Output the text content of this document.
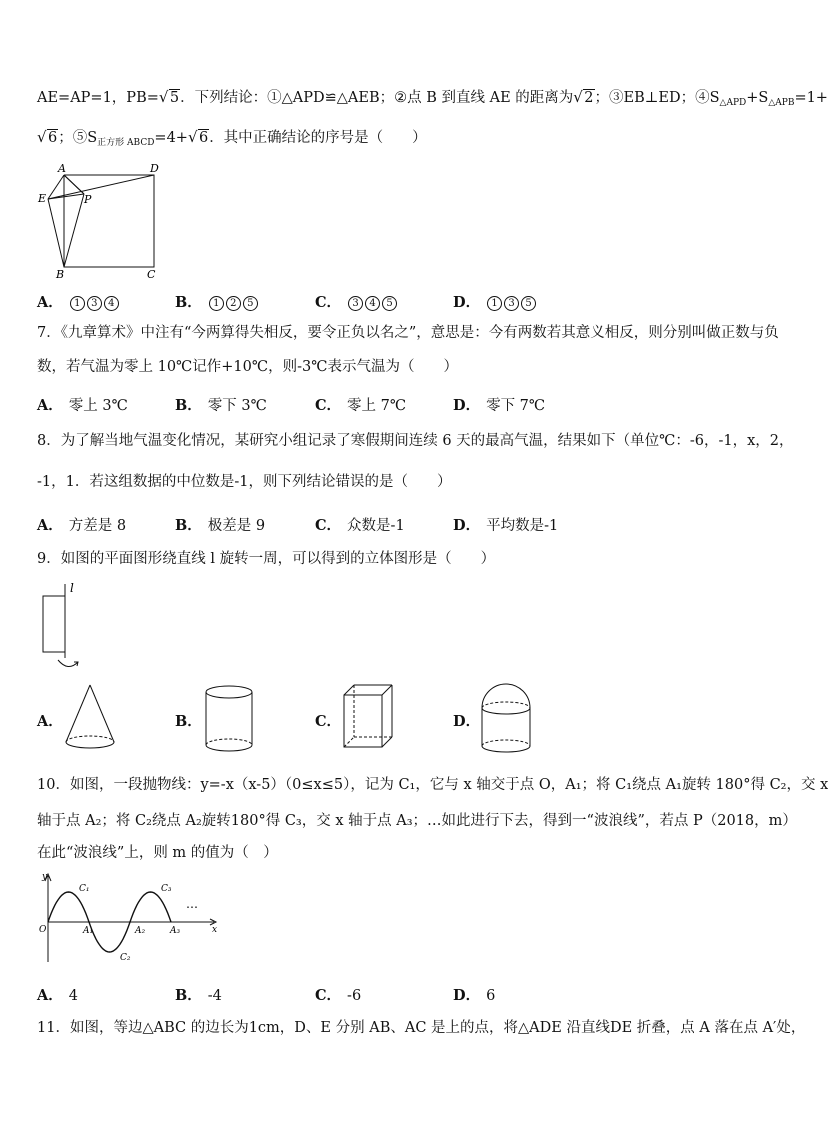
AE=AP=1，PB=√ 5．下列结论：①△APD≌△AEB；②点 B 到直线 AE 的距离为√ 2；③EB⊥ED；$④S_{\triangle APD}+S_{\triangle APB}=1+$
√ 6；$⑤S_{正方形 ABCD}=4+√$ 6．其中正确结论的序号是（　　）
A	D
E	P
B	C
A． 1 3 4	B． 1 2 5	C． 3 4 5	D． 1 3 5
7．《九章算术》中注有“今两算得失相反，要令正负以名之”，意思是：今有两数若其意义相反，则分别叫做正数与负
数，若气温为零上 10℃记作+10℃，则-3℃表示气温为（　　）
A． 零上 3℃	B． 零下 3℃	C． 零上 7℃	D． 零下 7℃
8．为了解当地气温变化情况，某研究小组记录了寒假期间连续 6 天的最高气温，结果如下（单位℃：-6，-1，x，2，
-1，1．若这组数据的中位数是-1，则下列结论错误的是（　　）
A． 方差是 8	B． 极差是 9	C． 众数是-1	D． 平均数是-1
9．如图的平面图形绕直线 l 旋转一周，可以得到的立体图形是（　　）
l
A．	B．	C．	D．
10．如图，一段抛物线：y=-x（x-5）（0≤x≤5），记为 C₁，它与 x 轴交于点 O，A₁；将 C₁绕点 A₁旋转 180°得 C₂，交 x
轴于点 A₂；将 C₂绕点 A₂旋转180°得 C₃，交 x 轴于点 A₃；…如此进行下去，得到一“波浪线”，若点 P（2018，m）
在此“波浪线”上，则 m 的值为（　）
y
x
O
C₁
C₂
C₃
A₁	A₂	A₃
…
A． 4	B． -4	C． -6	D． 6
11．如图，等边△ABC 的边长为1cm，D、E 分别 AB、AC 是上的点，将△ADE 沿直线DE 折叠，点 A 落在点 A′处，
